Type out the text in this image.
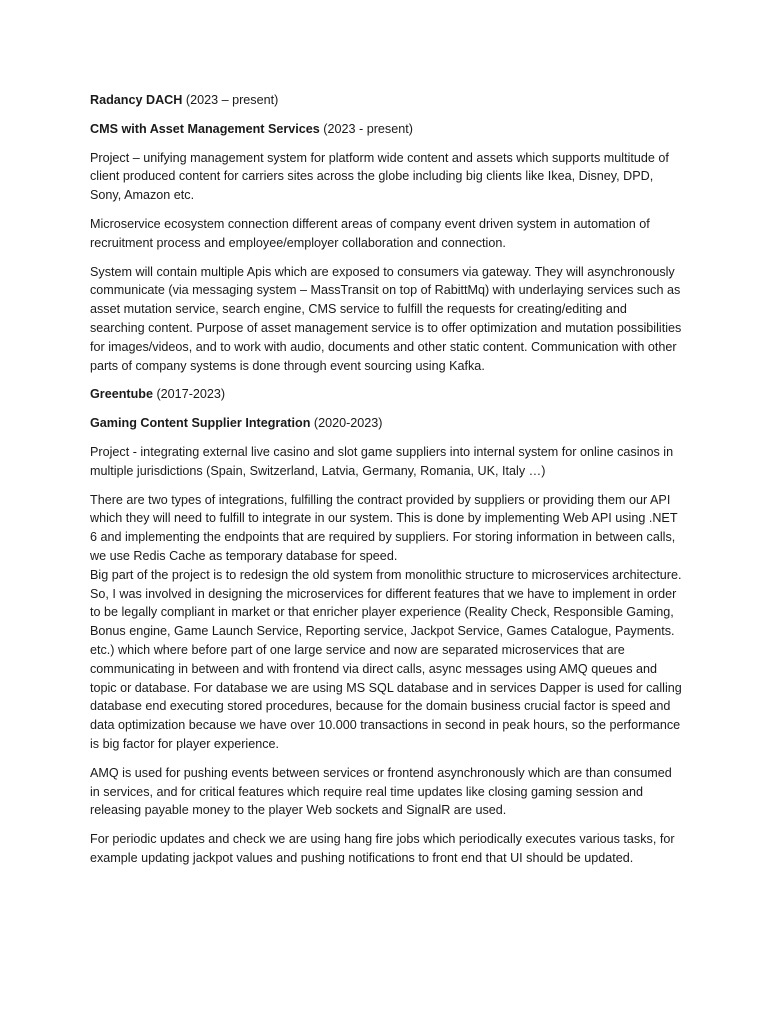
Radancy DACH (2023 – present)

CMS with Asset Management Services (2023 - present)

Project – unifying management system for platform wide content and assets which supports multitude of client produced content for carriers sites across the globe including big clients like Ikea, Disney, DPD, Sony, Amazon etc.

Microservice ecosystem connection different areas of company event driven system in automation of recruitment process and employee/employer collaboration and connection.

System will contain multiple Apis which are exposed to consumers via gateway. They will asynchronously communicate (via messaging system – MassTransit on top of RabittMq) with underlaying services such as asset mutation service, search engine, CMS service to fulfill the requests for creating/editing and searching content. Purpose of asset management service is to offer optimization and mutation possibilities for images/videos, and to work with audio, documents and other static content. Communication with other parts of company systems is done through event sourcing using Kafka.

Greentube (2017-2023)

Gaming Content Supplier Integration (2020-2023)

Project - integrating external live casino and slot game suppliers into internal system for online casinos in multiple jurisdictions (Spain, Switzerland, Latvia, Germany, Romania, UK, Italy …)

There are two types of integrations, fulfilling the contract provided by suppliers or providing them our API which they will need to fulfill to integrate in our system. This is done by implementing Web API using .NET 6 and implementing the endpoints that are required by suppliers. For storing information in between calls, we use Redis Cache as temporary database for speed.

Big part of the project is to redesign the old system from monolithic structure to microservices architecture. So, I was involved in designing the microservices for different features that we have to implement in order to be legally compliant in market or that enricher player experience (Reality Check, Responsible Gaming, Bonus engine, Game Launch Service, Reporting service, Jackpot Service, Games Catalogue, Payments. etc.) which where before part of one large service and now are separated microservices that are communicating in between and with frontend via direct calls, async messages using AMQ queues and topic or database. For database we are using MS SQL database and in services Dapper is used for calling database end executing stored procedures, because for the domain business crucial factor is speed and data optimization because we have over 10.000 transactions in second in peak hours, so the performance is big factor for player experience.

AMQ is used for pushing events between services or frontend asynchronously which are than consumed in services, and for critical features which require real time updates like closing gaming session and releasing payable money to the player Web sockets and SignalR are used.

For periodic updates and check we are using hang fire jobs which periodically executes various tasks, for example updating jackpot values and pushing notifications to front end that UI should be updated.
